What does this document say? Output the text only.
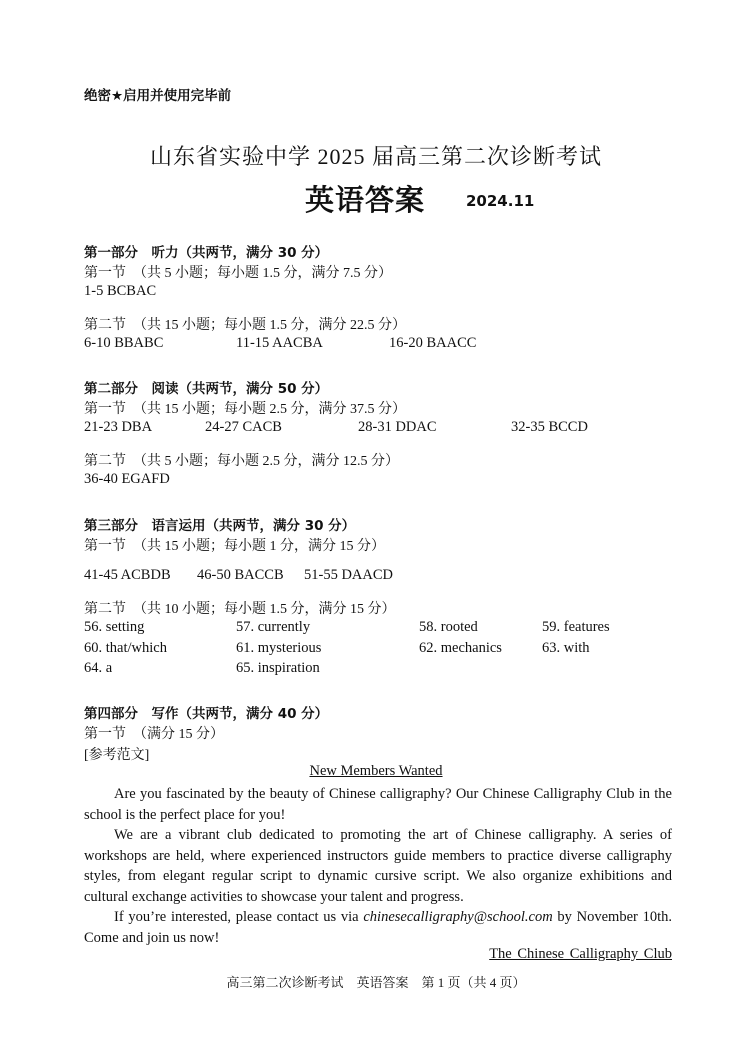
绝密★启用并使用完毕前
山东省实验中学 2025 届高三第二次诊断考试
英语答案	2024.11
第一部分　听力（共两节，满分 30 分）
第一节　（共 5 小题；每小题 1.5 分，满分 7.5 分）
1-5 BCBAC
第二节　（共 15 小题；每小题 1.5 分，满分 22.5 分）
6-10 BBABC	11-15 AACBA	16-20 BAACC
第二部分　阅读（共两节，满分 50 分）
第一节　（共 15 小题；每小题 2.5 分，满分 37.5 分）
21-23 DBA	24-27 CACB	28-31 DDAC	32-35 BCCD
第二节　（共 5 小题；每小题 2.5 分，满分 12.5 分）
36-40 EGAFD
第三部分　语言运用（共两节，满分 30 分）
第一节　（共 15 小题；每小题 1 分，满分 15 分）
41-45 ACBDB 46-50 BACCB 51-55 DAACD
第二节　（共 10 小题；每小题 1.5 分，满分 15 分）
56. setting	57. currently	58. rooted	59. features
60. that/which	61. mysterious	62. mechanics	63. with
64. a	65. inspiration
第四部分　写作（共两节，满分 40 分）
第一节　（满分 15 分）
[参考范文]
New Members Wanted
Are you fascinated by the beauty of Chinese calligraphy? Our Chinese Calligraphy Club in the school is the perfect place for you!
We are a vibrant club dedicated to promoting the art of Chinese calligraphy. A series of workshops are held, where experienced instructors guide members to practice diverse calligraphy styles, from elegant regular script to dynamic cursive script. We also organize exhibitions and cultural exchange activities to showcase your talent and progress.
If you’re interested, please contact us via chinesecalligraphy@school.com by November 10th. Come and join us now!
The Chinese Calligraphy Club
高三第二次诊断考试　英语答案　第 1 页（共 4 页）
